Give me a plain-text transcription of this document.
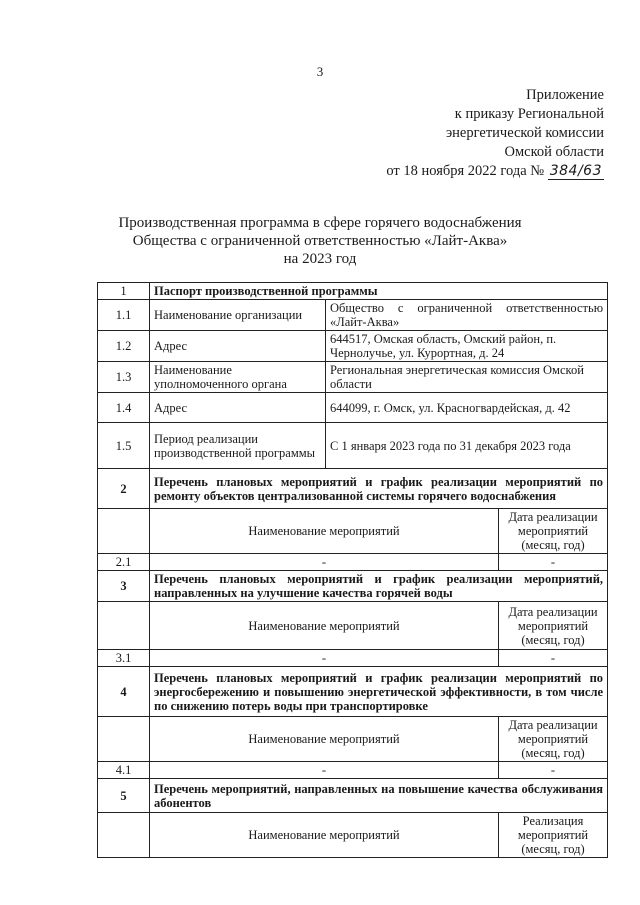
3
Приложение
к приказу Региональной
энергетической комиссии
Омской области
от 18 ноября 2022 года № 384/63
Производственная программа в сфере горячего водоснабжения
Общества с ограниченной ответственностью «Лайт-Аква»
на 2023 год
1	Паспорт производственной программы		
1.1	Наименование организации	Общество с ограниченной ответственностью «Лайт-Аква»	
1.2	Адрес	644517, Омская область, Омский район, п. Чернолучье, ул. Курортная, д. 24	
1.3	Наименование уполномоченного органа	Региональная энергетическая комиссия Омской области	
1.4	Адрес	644099, г. Омск, ул. Красногвардейская, д. 42	
1.5	Период реализации производственной программы	С 1 января 2023 года по 31 декабря 2023 года	
2	Перечень плановых мероприятий и график реализации мероприятий по ремонту объектов централизованной системы горячего водоснабжения		
	Наименование мероприятий		Дата реализации мероприятий (месяц, год)
2.1	-		-
3	Перечень плановых мероприятий и график реализации мероприятий, направленных на улучшение качества горячей воды		
	Наименование мероприятий		Дата реализации мероприятий (месяц, год)
3.1	-		-
4	Перечень плановых мероприятий и график реализации мероприятий по энергосбережению и повышению энергетической эффективности, в том числе по снижению потерь воды при транспортировке		
	Наименование мероприятий		Дата реализации мероприятий (месяц, год)
4.1	-		-
5	Перечень мероприятий, направленных на повышение качества обслуживания абонентов		
	Наименование мероприятий		Реализация мероприятий (месяц, год)
